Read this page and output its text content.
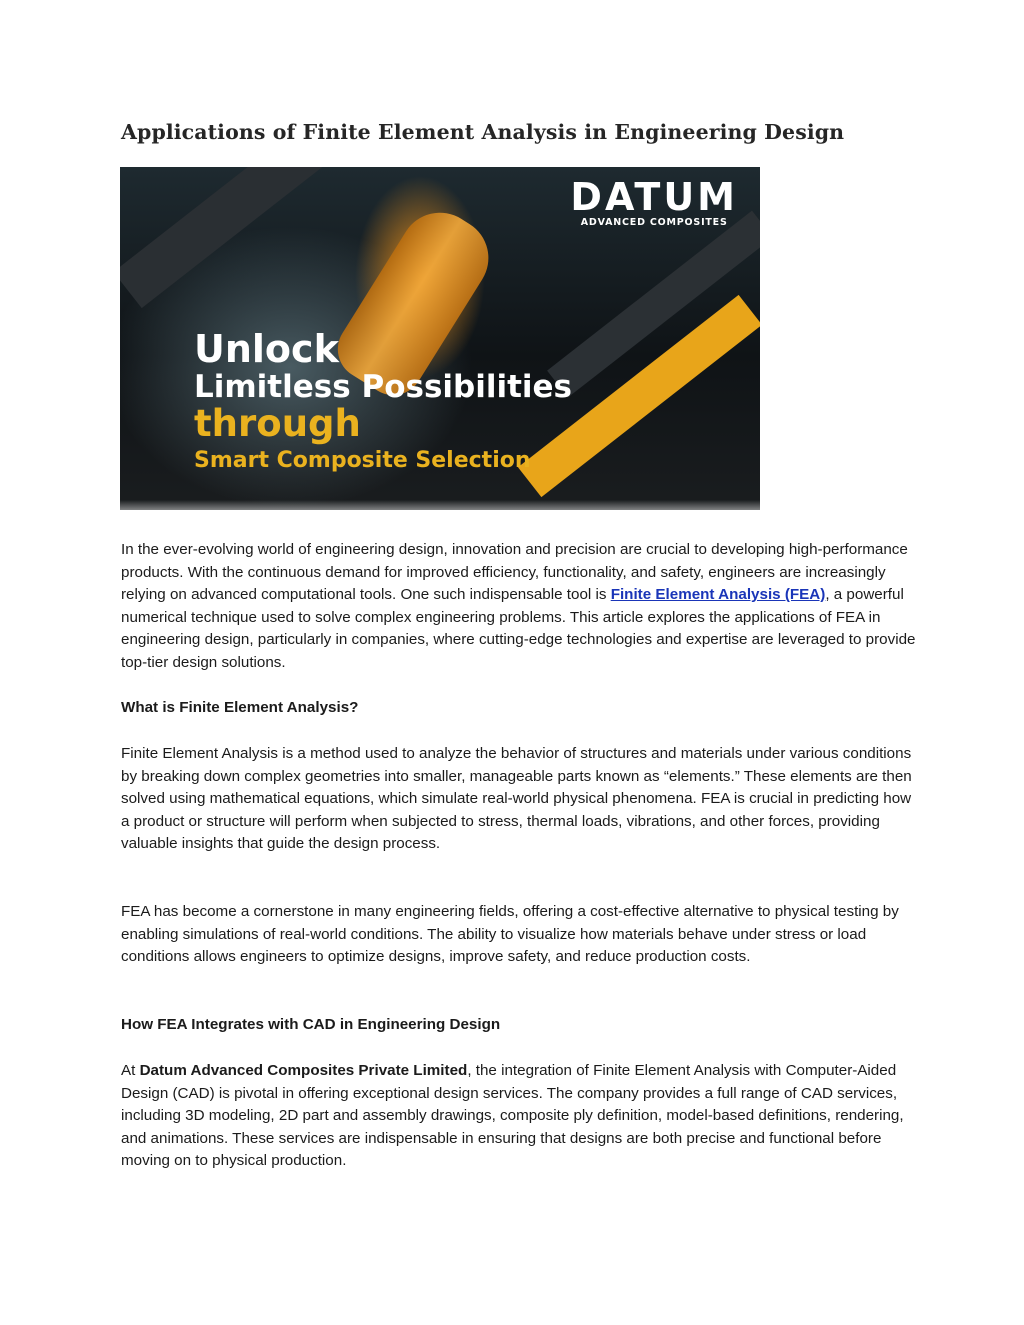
Applications of Finite Element Analysis in Engineering Design
DATUM
ADVANCED COMPOSITES
Unlock
Limitless Possibilities
through
Smart Composite Selection

In the ever-evolving world of engineering design, innovation and precision are crucial to developing high-performance products. With the continuous demand for improved efficiency, functionality, and safety, engineers are increasingly relying on advanced computational tools. One such indispensable tool is Finite Element Analysis (FEA), a powerful numerical technique used to solve complex engineering problems. This article explores the applications of FEA in engineering design, particularly in companies, where cutting-edge technologies and expertise are leveraged to provide top-tier design solutions.

What is Finite Element Analysis?

Finite Element Analysis is a method used to analyze the behavior of structures and materials under various conditions by breaking down complex geometries into smaller, manageable parts known as “elements.” These elements are then solved using mathematical equations, which simulate real-world physical phenomena. FEA is crucial in predicting how a product or structure will perform when subjected to stress, thermal loads, vibrations, and other forces, providing valuable insights that guide the design process.

FEA has become a cornerstone in many engineering fields, offering a cost-effective alternative to physical testing by enabling simulations of real-world conditions. The ability to visualize how materials behave under stress or load conditions allows engineers to optimize designs, improve safety, and reduce production costs.

How FEA Integrates with CAD in Engineering Design

At Datum Advanced Composites Private Limited, the integration of Finite Element Analysis with Computer-Aided Design (CAD) is pivotal in offering exceptional design services. The company provides a full range of CAD services, including 3D modeling, 2D part and assembly drawings, composite ply definition, model-based definitions, rendering, and animations. These services are indispensable in ensuring that designs are both precise and functional before moving on to physical production.
